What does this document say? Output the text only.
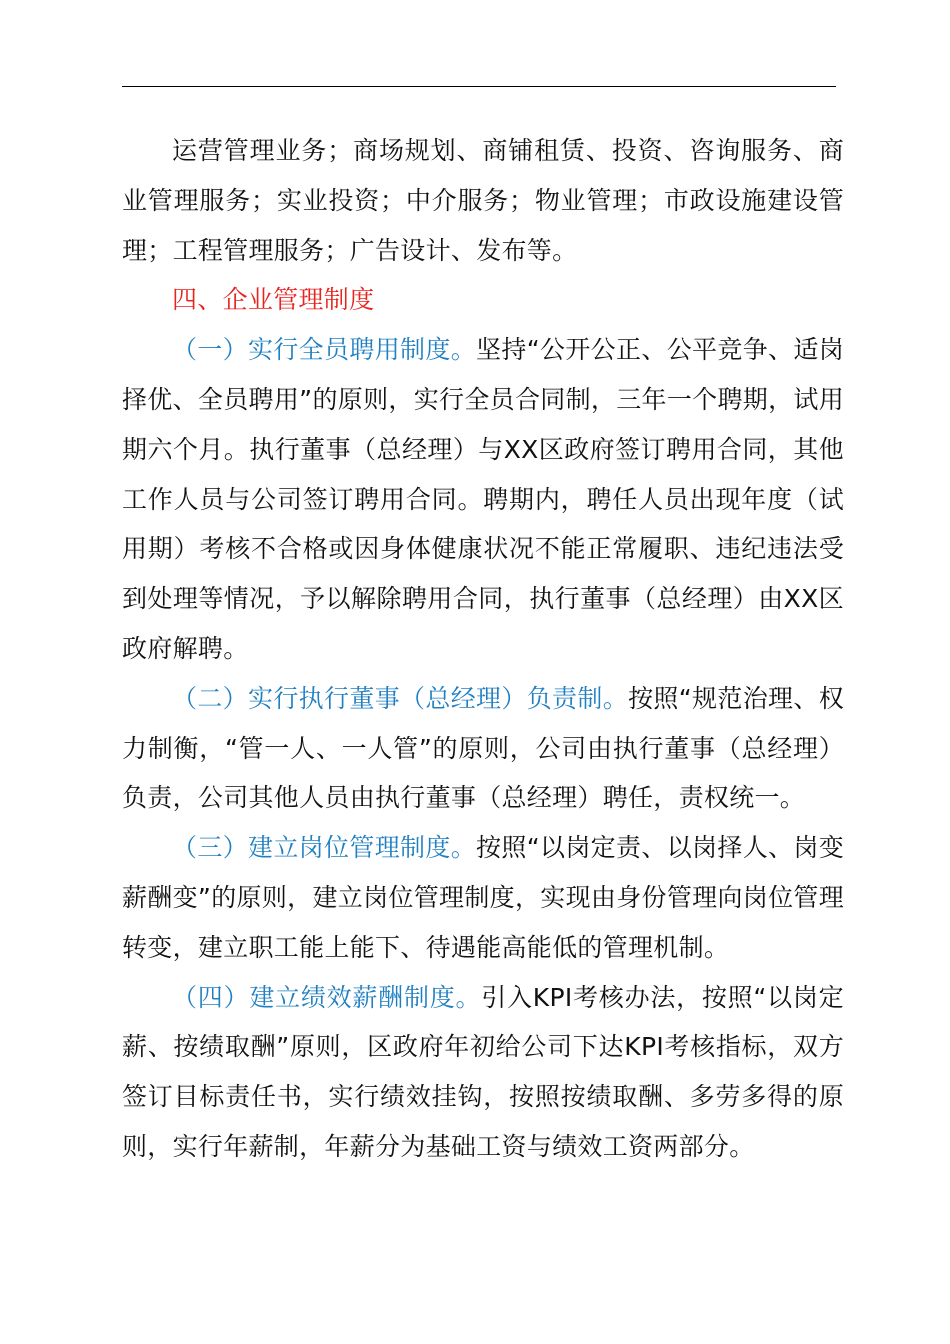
运营管理业务；商场规划、商铺租赁、投资、咨询服务、商业管理服务；实业投资；中介服务；物业管理；市政设施建设管理；工程管理服务；广告设计、发布等。

四、企业管理制度

（一）实行全员聘用制度。坚持“公开公正、公平竞争、适岗择优、全员聘用”的原则，实行全员合同制，三年一个聘期，试用期六个月。执行董事（总经理）与XX区政府签订聘用合同，其他工作人员与公司签订聘用合同。聘期内，聘任人员出现年度（试用期）考核不合格或因身体健康状况不能正常履职、违纪违法受到处理等情况，予以解除聘用合同，执行董事（总经理）由XX区政府解聘。

（二）实行执行董事（总经理）负责制。按照“规范治理、权力制衡，“管一人、一人管”的原则，公司由执行董事（总经理）负责，公司其他人员由执行董事（总经理）聘任，责权统一。

（三）建立岗位管理制度。按照“以岗定责、以岗择人、岗变薪酬变”的原则，建立岗位管理制度，实现由身份管理向岗位管理转变，建立职工能上能下、待遇能高能低的管理机制。

（四）建立绩效薪酬制度。引入KPI考核办法，按照“以岗定薪、按绩取酬”原则，区政府年初给公司下达KPI考核指标，双方签订目标责任书，实行绩效挂钩，按照按绩取酬、多劳多得的原则，实行年薪制，年薪分为基础工资与绩效工资两部分。
